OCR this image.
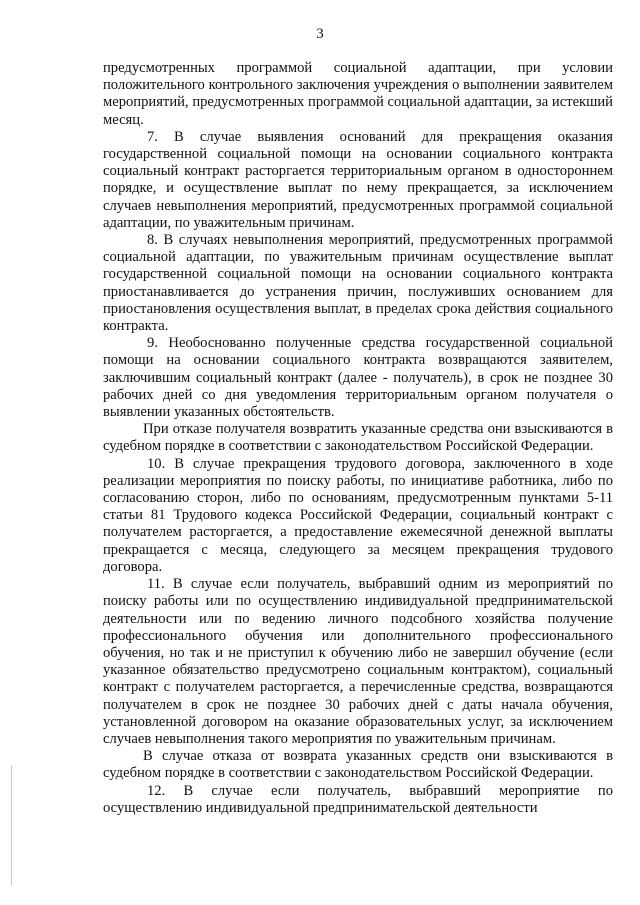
3

предусмотренных программой социальной адаптации, при условии положительного контрольного заключения учреждения о выполнении заявителем мероприятий, предусмотренных программой социальной адаптации, за истекший месяц.

7. В случае выявления оснований для прекращения оказания государственной социальной помощи на основании социального контракта социальный контракт расторгается территориальным органом в одностороннем порядке, и осуществление выплат по нему прекращается, за исключением случаев невыполнения мероприятий, предусмотренных программой социальной адаптации, по уважительным причинам.

8. В случаях невыполнения мероприятий, предусмотренных программой социальной адаптации, по уважительным причинам осуществление выплат государственной социальной помощи на основании социального контракта приостанавливается до устранения причин, послуживших основанием для приостановления осуществления выплат, в пределах срока действия социального контракта.

9. Необоснованно полученные средства государственной социальной помощи на основании социального контракта возвращаются заявителем, заключившим социальный контракт (далее - получатель), в срок не позднее 30 рабочих дней со дня уведомления территориальным органом получателя о выявлении указанных обстоятельств.

При отказе получателя возвратить указанные средства они взыскиваются в судебном порядке в соответствии с законодательством Российской Федерации.

10. В случае прекращения трудового договора, заключенного в ходе реализации мероприятия по поиску работы, по инициативе работника, либо по согласованию сторон, либо по основаниям, предусмотренным пунктами 5-11 статьи 81 Трудового кодекса Российской Федерации, социальный контракт с получателем расторгается, а предоставление ежемесячной денежной выплаты прекращается с месяца, следующего за месяцем прекращения трудового договора.

11. В случае если получатель, выбравший одним из мероприятий по поиску работы или по осуществлению индивидуальной предпринимательской деятельности или по ведению личного подсобного хозяйства получение профессионального обучения или дополнительного профессионального обучения, но так и не приступил к обучению либо не завершил обучение (если указанное обязательство предусмотрено социальным контрактом), социальный контракт с получателем расторгается, а перечисленные средства, возвращаются получателем в срок не позднее 30 рабочих дней с даты начала обучения, установленной договором на оказание образовательных услуг, за исключением случаев невыполнения такого мероприятия по уважительным причинам.

В случае отказа от возврата указанных средств они взыскиваются в судебном порядке в соответствии с законодательством Российской Федерации.

12. В случае если получатель, выбравший мероприятие по осуществлению индивидуальной предпринимательской деятельности
